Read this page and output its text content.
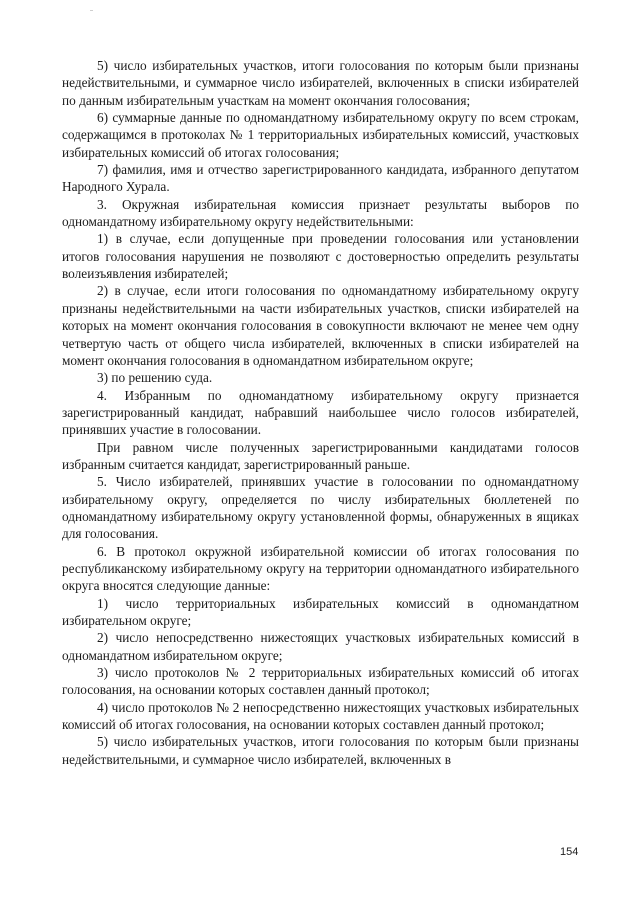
5) число избирательных участков, итоги голосования по которым были признаны недействительными, и суммарное число избирателей, включенных в списки избирателей по данным избирательным участкам на момент окончания голосования;

6) суммарные данные по одномандатному избирательному округу по всем строкам, содержащимся в протоколах № 1 территориальных избирательных комиссий, участковых избирательных комиссий об итогах голосования;

7) фамилия, имя и отчество зарегистрированного кандидата, избранного депутатом Народного Хурала.

3. Окружная избирательная комиссия признает результаты выборов по одномандатному избирательному округу недействительными:

1) в случае, если допущенные при проведении голосования или установлении итогов голосования нарушения не позволяют с достоверностью определить результаты волеизъявления избирателей;

2) в случае, если итоги голосования по одномандатному избирательному округу признаны недействительными на части избирательных участков, списки избирателей на которых на момент окончания голосования в совокупности включают не менее чем одну четвертую часть от общего числа избирателей, включенных в списки избирателей на момент окончания голосования в одномандатном избирательном округе;

3) по решению суда.

4. Избранным по одномандатному избирательному округу признается зарегистрированный кандидат, набравший наибольшее число голосов избирателей, принявших участие в голосовании.

При равном числе полученных зарегистрированными кандидатами голосов избранным считается кандидат, зарегистрированный раньше.

5. Число избирателей, принявших участие в голосовании по одномандатному избирательному округу, определяется по числу избирательных бюллетеней по одномандатному избирательному округу установленной формы, обнаруженных в ящиках для голосования.

6. В протокол окружной избирательной комиссии об итогах голосования по республиканскому избирательному округу на территории одномандатного избирательного округа вносятся следующие данные:

1) число территориальных избирательных комиссий в одномандатном избирательном округе;

2) число непосредственно нижестоящих участковых избирательных комиссий в одномандатном избирательном округе;

3) число протоколов № 2 территориальных избирательных комиссий об итогах голосования, на основании которых составлен данный протокол;

4) число протоколов № 2 непосредственно нижестоящих участковых избирательных комиссий об итогах голосования, на основании которых составлен данный протокол;

5) число избирательных участков, итоги голосования по которым были признаны недействительными, и суммарное число избирателей, включенных в

154
